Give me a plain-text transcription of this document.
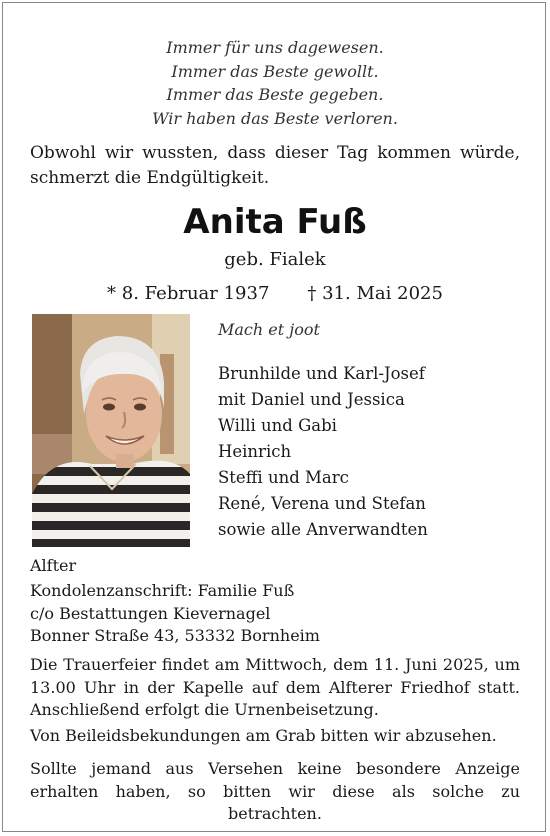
Immer für uns dagewesen.
Immer das Beste gewollt.
Immer das Beste gegeben.
Wir haben das Beste verloren.
Obwohl wir wussten, dass dieser Tag kommen würde, schmerzt die Endgültigkeit.
Anita Fuß
geb. Fialek
* 8. Februar 1937 † 31. Mai 2025
Mach et joot
Brunhilde und Karl-Josef
mit Daniel und Jessica
Willi und Gabi
Heinrich
Steffi und Marc
René, Verena und Stefan
sowie alle Anverwandten
Alfter
Kondolenzanschrift: Familie Fuß
c/o Bestattungen Kievernagel
Bonner Straße 43, 53332 Bornheim
Die Trauerfeier findet am Mittwoch, dem 11. Juni 2025, um 13.00 Uhr in der Kapelle auf dem Alfterer Friedhof statt. Anschließend erfolgt die Urnenbeisetzung.
Von Beileidsbekundungen am Grab bitten wir abzusehen.
Sollte jemand aus Versehen keine besondere Anzeige erhalten haben, so bitten wir diese als solche zu betrachten.
